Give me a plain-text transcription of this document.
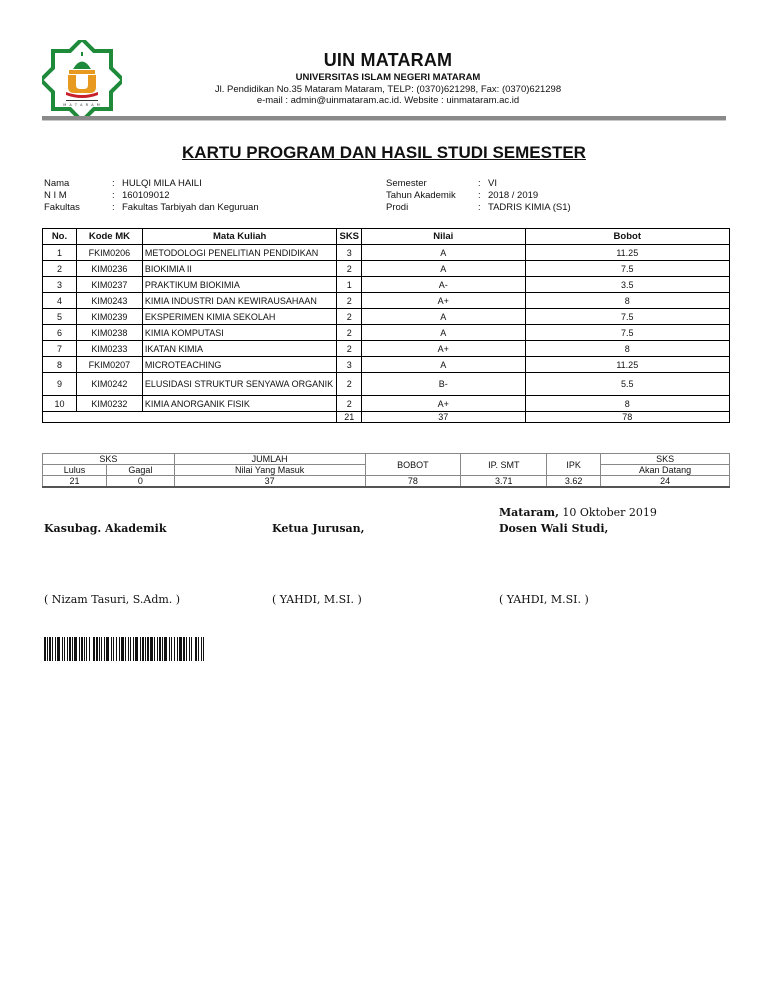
M A T A R A M
UIN MATARAM
UNIVERSITAS ISLAM NEGERI MATARAM
Jl. Pendidikan No.35 Mataram Mataram, TELP: (0370)621298, Fax: (0370)621298
e-mail : admin@uinmataram.ac.id. Website : uinmataram.ac.id
KARTU PROGRAM DAN HASIL STUDI SEMESTER
Nama	: HULQI MILA HAILI
N I M	: 160109012
Fakultas	: Fakultas Tarbiyah dan Keguruan
Semester	: VI
Tahun Akademik : 2018 / 2019
Prodi	: TADRIS KIMIA (S1)
No.	Kode MK	Mata Kuliah	SKS	Nilai	Bobot
1	FKIM0206	METODOLOGI PENELITIAN PENDIDIKAN	3	A	11.25
2	KIM0236	BIOKIMIA II	2	A	7.5
3	KIM0237	PRAKTIKUM BIOKIMIA	1	A-	3.5
4	KIM0243	KIMIA INDUSTRI DAN KEWIRAUSAHAAN	2	A+	8
5	KIM0239	EKSPERIMEN KIMIA SEKOLAH	2	A	7.5
6	KIM0238	KIMIA KOMPUTASI	2	A	7.5
7	KIM0233	IKATAN KIMIA	2	A+	8
8	FKIM0207	MICROTEACHING	3	A	11.25
9	KIM0242	ELUSIDASI STRUKTUR SENYAWA ORGANIK	2	B-	5.5
10	KIM0232	KIMIA ANORGANIK FISIK	2	A+	8
			21	37	78
SKS		JUMLAH	BOBOT	IP. SMT	IPK	SKS
Lulus	Gagal	Nilai Yang Masuk				Akan Datang
21	0	37	78	3.71	3.62	24
Mataram, 10 Oktober 2019
Kasubag. Akademik	Ketua Jurusan,	Dosen Wali Studi,
( Nizam Tasuri, S.Adm. )	( YAHDI, M.SI. )	( YAHDI, M.SI. )
